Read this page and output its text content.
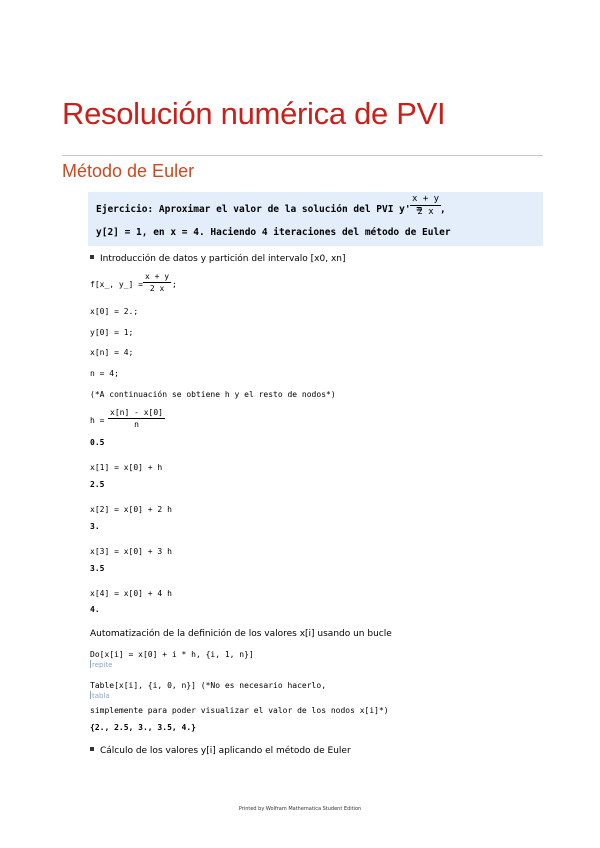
Resolución numérica de PVI
Método de Euler
Ejercicio: Aproximar el valor de la solución del PVI y' =
$\frac{x + y}{2 x}$
,
y[2] = 1, en x = 4. Haciendo 4 iteraciones del método de Euler
Introducción de datos y partición del intervalo [x0, xn]
f[x_, y_] = $\frac{x + y}{2 x}$ ;
x[0] = 2.;
y[0] = 1;
x[n] = 4;
n = 4;
(*A continuación se obtiene h y el resto de nodos*)
$h = \frac{x[n] - x[0]}{n}$
0.5
x[1] = x[0] + h
2.5
x[2] = x[0] + 2 h
3.
x[3] = x[0] + 3 h
3.5
x[4] = x[0] + 4 h
4.
Automatización de la definición de los valores x[i] usando un bucle
Do[x[i] = x[0] + i * h, {i, 1, n}]
repite
Table[x[i], {i, 0, n}] (*No es necesario hacerlo,
tabla
simplemente para poder visualizar el valor de los nodos x[i]*)
{2., 2.5, 3., 3.5, 4.}
Cálculo de los valores y[i] aplicando el método de Euler
Printed by Wolfram Mathematica Student Edition
